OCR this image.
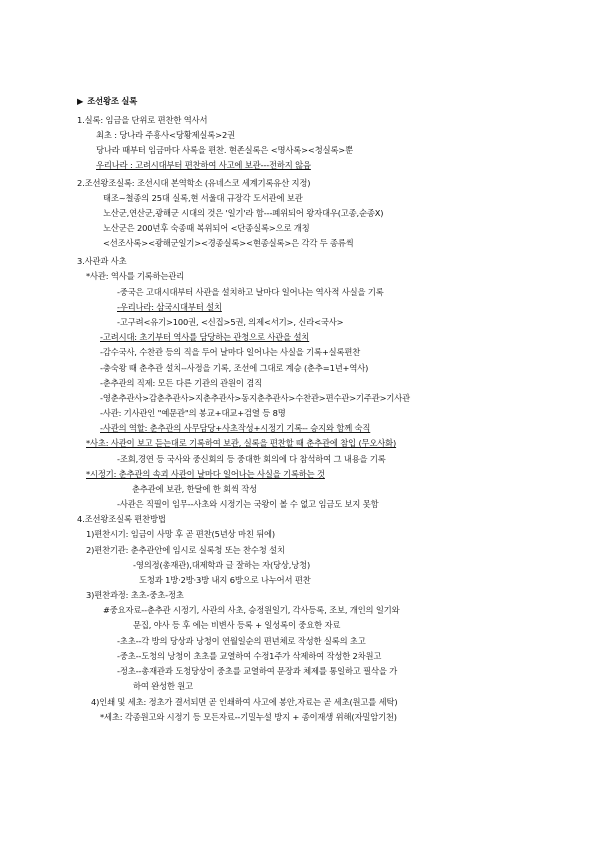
▶ 조선왕조 실록
1.실록: 임금을 단위로 편찬한 역사서
최초 : 당나라 주흥사<당황제실록>2권
당나라 때부터 임금마다 사록을 편찬. 현존실록은 <명사록><청실록>뿐
우리나라 : 고려시대부터 편찬하여 사고에 보관---전하지 않음
2.조선왕조실록: 조선시대 본역학소 (유네스코 세계기록유산 지정)
태조~철종의 25대 실록,현 서울대 규장각 도서관에 보관
노산군,연산군,광해군 시대의 것은 '일기'라 함---폐위되어 왕자대우(고종,순종X)
노산군은 200년후 숙종때 복위되어 <단종실록>으로 개칭
<선조사록><광해군일기><경종실록><현종실록>은 각각 두 종류씩
3.사관과 사초
*사관: 역사를 기록하는관리
-중국은 고대시대부터 사관을 설치하고 날마다 일어나는 역사적 사실을 기록
-우리나라: 삼국시대부터 설치
-고구려<유기>100권, <신집>5권, 의제<서기>, 신라<국사>
-고려시대: 초기부터 역사를 담당하는 관청으로 사관을 설치
-감수국사, 수찬관 등의 직을 두어 날마다 일어나는 사실을 기록+실록편찬
-충숙왕 때 춘추관 설치--사정을 기록, 조선에 그대로 계승 (춘추=1년+역사)
-춘추관의 직제: 모든 다른 기관의 관원이 겸직
-영춘추관사>감춘추관사>지춘추관사>동지춘추관사>수찬관>편수관>기주관>기사관
-사관: 기사관인 "예문관"의 봉교+대교+검열 등 8명
-사관의 역할: 춘추관의 사무담당+사초작성+시정기 기록-- 승지와 함께 숙직
*사초: 사관이 보고 듣는대로 기록하여 보관, 실록을 편찬할 때 춘추관에 참입 (무오사화)
-조회,경연 등 국사와 중신회의 등 중대한 회의에 다 참석하여 그 내용을 기록
*시정기: 춘추관의 속괴 사관이 날마다 일어나는 사실을 기록하는 것
춘추관에 보관, 한달에 한 회씩 작성
-사관은 직필이 임무--사초와 시정기는 국왕이 볼 수 없고 임금도 보지 못함
4.조선왕조실록 편찬방법
1)편찬시기: 임금이 사망 후 곧 편찬(5년상 마친 뒤에)
2)편찬기관: 춘추관안에 임시로 실록청 또는 찬수청 설치
-영의정(총재관),대제학과 글 잘하는 자(당상,낭청)
도청과 1방·2방·3방 내지 6방으로 나누어서 편찬
3)편찬과정: 초초-중초-정초
#중요자료--춘추관 시정기, 사관의 사초, 승정원일기, 각사등록, 조보, 개인의 일기와
문집, 야사 등 후 에는 비변사 등록 + 일성록이 중요한 자료
-초초--각 방의 당상과 낭청이 연월일순의 편년체로 작성한 실록의 초고
-중초--도청의 낭청이 초초를 교열하여 수정1주가 삭제하여 작성한 2차원고
-정초--총재관과 도청당상이 중초를 교열하여 문장과 체제를 통일하고 필삭을 가
하여 완성한 원고
4)인쇄 및 세초: 정초가 결서되면 곧 인쇄하여 사고에 봉안,자료는 곧 세초(원고를 세탁)
*세초: 각종원고와 시정기 등 모든자료--기밀누설 방지 + 종이재생 위해(자밀암기천)
